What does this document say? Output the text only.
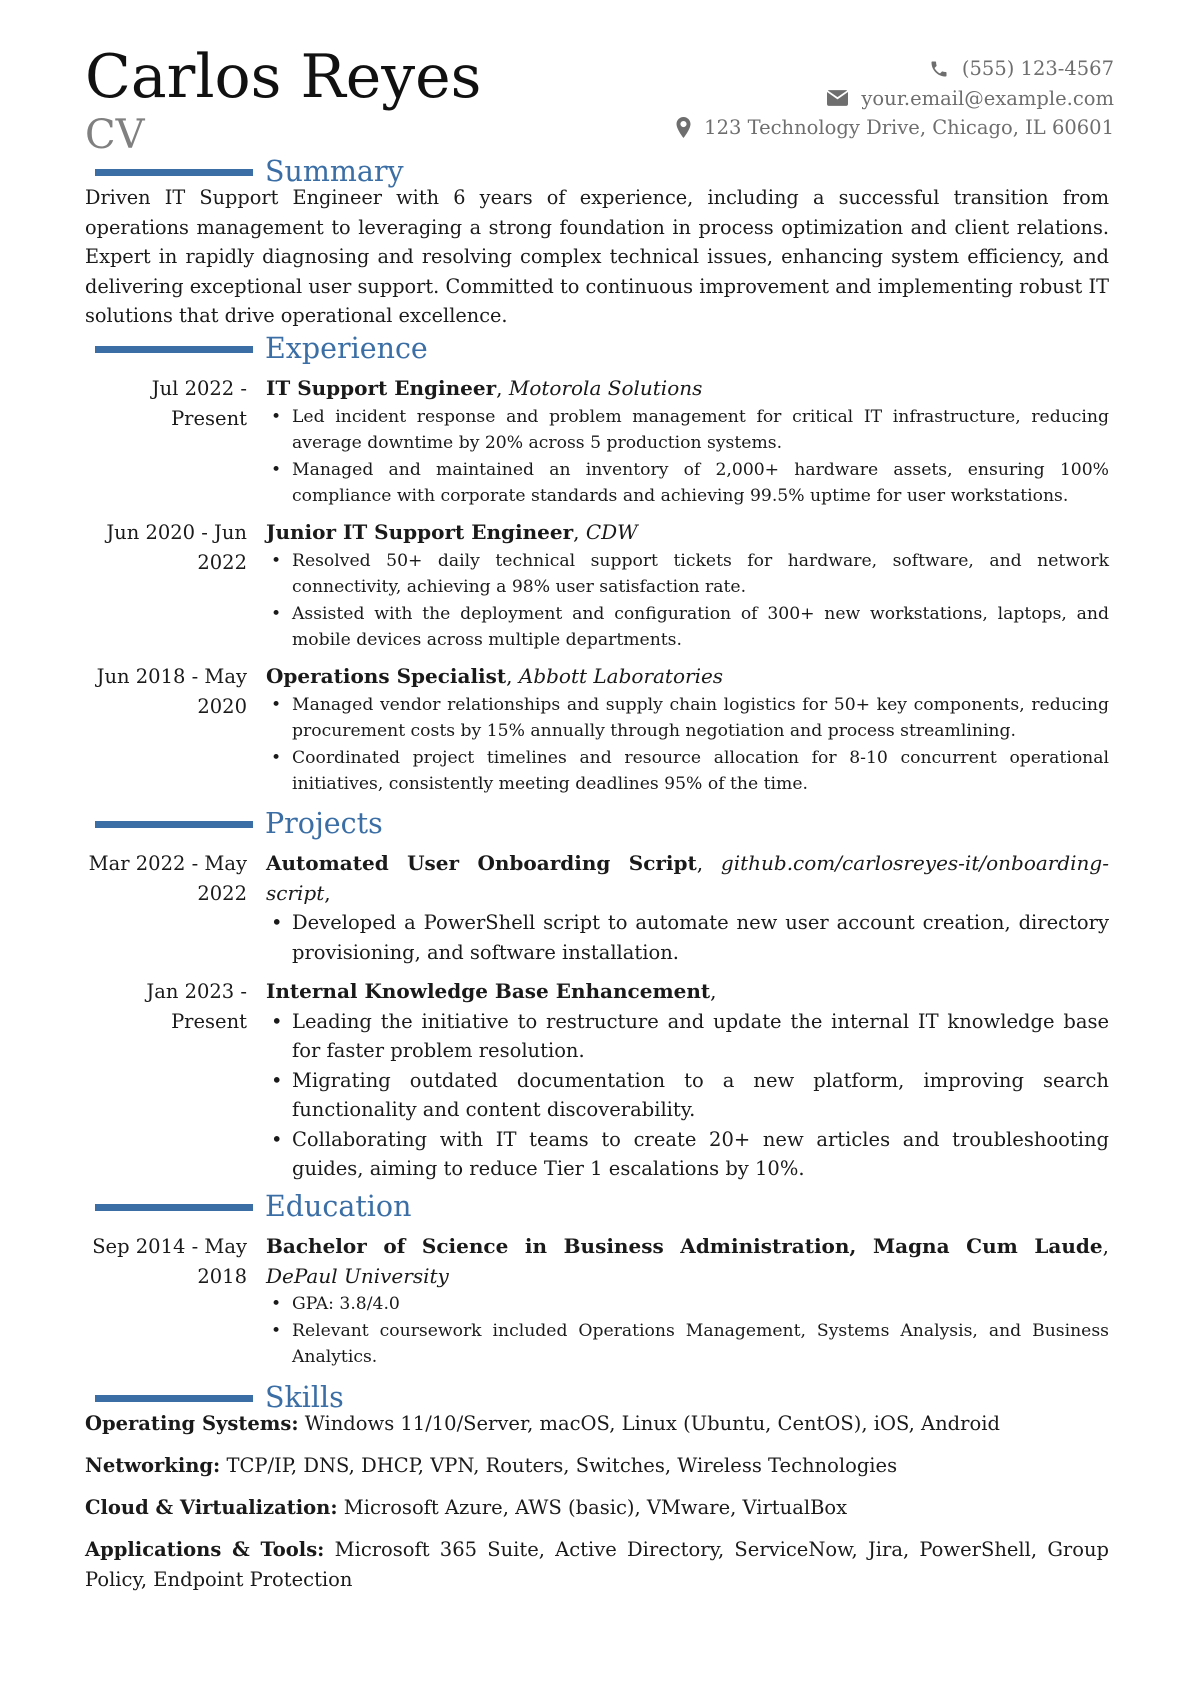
Carlos Reyes
CV
(555) 123-4567
your.email@example.com
123 Technology Drive, Chicago, IL 60601
Summary
Driven IT Support Engineer with 6 years of experience, including a successful transition from operations management to leveraging a strong foundation in process optimization and client relations. Expert in rapidly diagnosing and resolving complex technical issues, enhancing system efficiency, and delivering exceptional user support. Committed to continuous improvement and implementing robust IT solutions that drive operational excellence.
Experience
Jul 2022 - Present
IT Support Engineer, Motorola Solutions
• Led incident response and problem management for critical IT infrastructure, reducing average downtime by 20% across 5 production systems.
• Managed and maintained an inventory of 2,000+ hardware assets, ensuring 100% compliance with corporate standards and achieving 99.5% uptime for user workstations.
Jun 2020 - Jun 2022
Junior IT Support Engineer, CDW
• Resolved 50+ daily technical support tickets for hardware, software, and network connectivity, achieving a 98% user satisfaction rate.
• Assisted with the deployment and configuration of 300+ new workstations, laptops, and mobile devices across multiple departments.
Jun 2018 - May 2020
Operations Specialist, Abbott Laboratories
• Managed vendor relationships and supply chain logistics for 50+ key components, reducing procurement costs by 15% annually through negotiation and process streamlining.
• Coordinated project timelines and resource allocation for 8-10 concurrent operational initiatives, consistently meeting deadlines 95% of the time.
Projects
Mar 2022 - May 2022
Automated User Onboarding Script, github.com/carlosreyes-it/onboarding-script,
• Developed a PowerShell script to automate new user account creation, directory provisioning, and software installation.
Jan 2023 - Present
Internal Knowledge Base Enhancement,
• Leading the initiative to restructure and update the internal IT knowledge base for faster problem resolution.
• Migrating outdated documentation to a new platform, improving search functionality and content discoverability.
• Collaborating with IT teams to create 20+ new articles and troubleshooting guides, aiming to reduce Tier 1 escalations by 10%.
Education
Sep 2014 - May 2018
Bachelor of Science in Business Administration, Magna Cum Laude, DePaul University
• GPA: 3.8/4.0
• Relevant coursework included Operations Management, Systems Analysis, and Business Analytics.
Skills
Operating Systems: Windows 11/10/Server, macOS, Linux (Ubuntu, CentOS), iOS, Android
Networking: TCP/IP, DNS, DHCP, VPN, Routers, Switches, Wireless Technologies
Cloud & Virtualization: Microsoft Azure, AWS (basic), VMware, VirtualBox
Applications & Tools: Microsoft 365 Suite, Active Directory, ServiceNow, Jira, PowerShell, Group Policy, Endpoint Protection
